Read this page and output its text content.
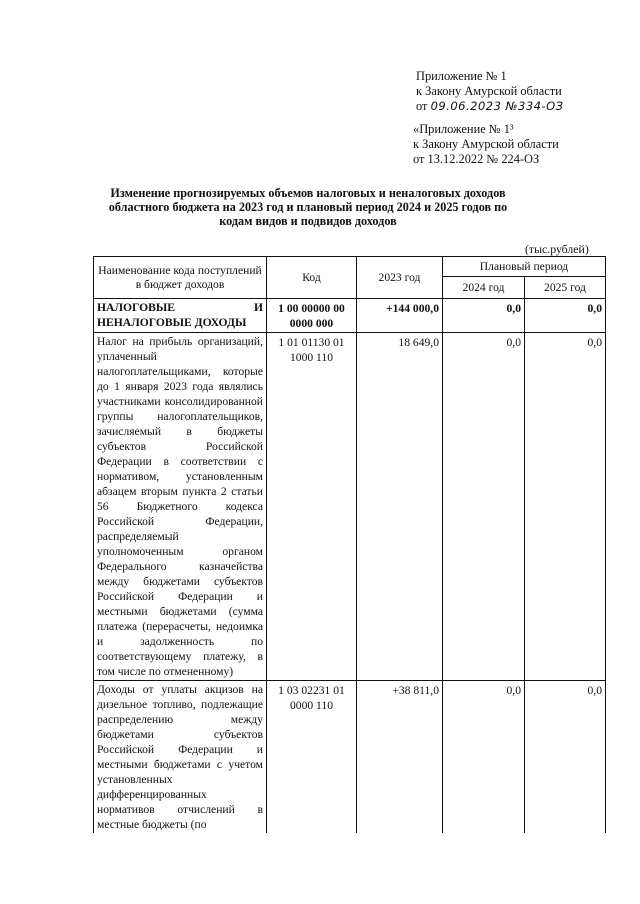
Приложение № 1
к Закону Амурской области
от 09.06.2023 №334-ОЗ
«Приложение № 1³
к Закону Амурской области
от 13.12.2022 № 224-ОЗ
Изменение прогнозируемых объемов налоговых и неналоговых доходов областного бюджета на 2023 год и плановый период 2024 и 2025 годов по кодам видов и подвидов доходов
(тыс.рублей)
Наименование кода поступлений в бюджет доходов	Код	2023 год	Плановый период	
			2024 год	2025 год
НАЛОГОВЫЕ И НЕНАЛОГОВЫЕ ДОХОДЫ	1 00 00000 00 0000 000	+144 000,0	0,0	0,0
Налог на прибыль организаций, уплаченный налогоплательщиками, которые до 1 января 2023 года являлись участниками консолидированной группы налогоплательщиков, зачисляемый в бюджеты субъектов Российской Федерации в соответствии с нормативом, установленным абзацем вторым пункта 2 статьи 56 Бюджетного кодекса Российской Федерации, распределяемый уполномоченным органом Федерального казначейства между бюджетами субъектов Российской Федерации и местными бюджетами (сумма платежа (перерасчеты, недоимка и задолженность по соответствующему платежу, в том числе по отмененному)	1 01 01130 01 1000 110	18 649,0	0,0	0,0
Доходы от уплаты акцизов на дизельное топливо, подлежащие распределению между бюджетами субъектов Российской Федерации и местными бюджетами с учетом установленных дифференцированных нормативов отчислений в местные бюджеты (по	1 03 02231 01 0000 110	+38 811,0	0,0	0,0
